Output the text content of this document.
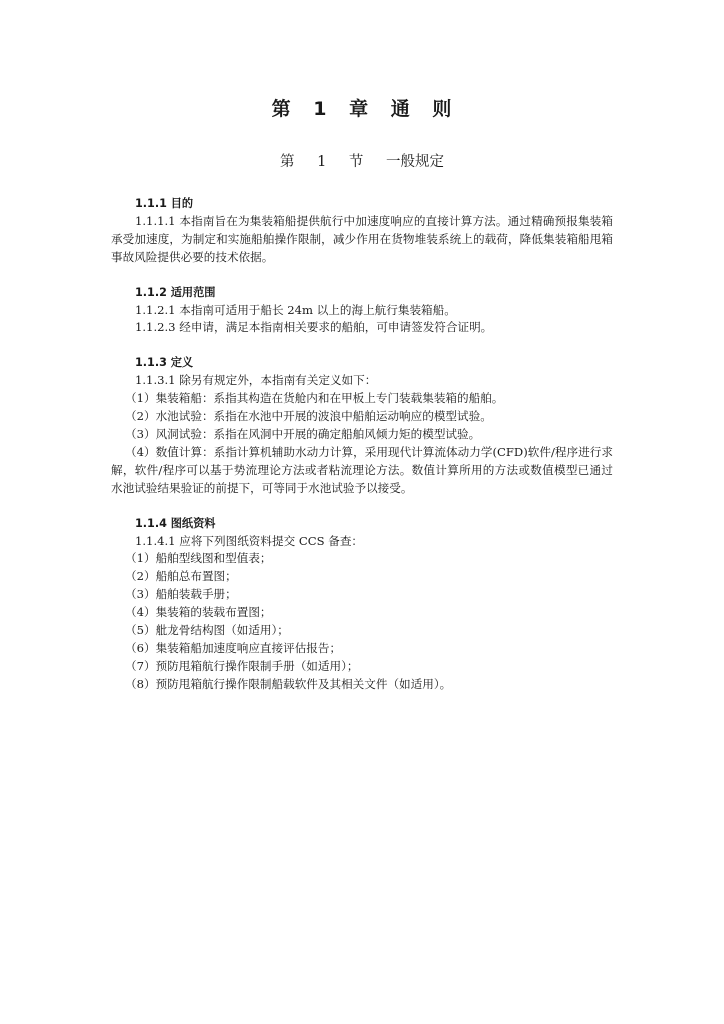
第 1 章 通 则
第 1 节 一般规定

1.1.1 目的

1.1.1.1 本指南旨在为集装箱船提供航行中加速度响应的直接计算方法。通过精确预报集装箱承受加速度，为制定和实施船舶操作限制，减少作用在货物堆装系统上的载荷，降低集装箱船甩箱事故风险提供必要的技术依据。

1.1.2 适用范围

1.1.2.1 本指南可适用于船长 24m 以上的海上航行集装箱船。

1.1.2.3 经申请，满足本指南相关要求的船舶，可申请签发符合证明。

1.1.3 定义

1.1.3.1 除另有规定外，本指南有关定义如下：

（1）集装箱船：系指其构造在货舱内和在甲板上专门装载集装箱的船舶。

（2）水池试验：系指在水池中开展的波浪中船舶运动响应的模型试验。

（3）风洞试验：系指在风洞中开展的确定船舶风倾力矩的模型试验。

（4）数值计算：系指计算机辅助水动力计算，采用现代计算流体动力学(CFD)软件/程序进行求解，软件/程序可以基于势流理论方法或者粘流理论方法。数值计算所用的方法或数值模型已通过水池试验结果验证的前提下，可等同于水池试验予以接受。

1.1.4 图纸资料

1.1.4.1 应将下列图纸资料提交 CCS 备查：

（1）船舶型线图和型值表；

（2）船舶总布置图；

（3）船舶装载手册；

（4）集装箱的装载布置图；

（5）舭龙骨结构图（如适用）；

（6）集装箱船加速度响应直接评估报告；

（7）预防甩箱航行操作限制手册（如适用）；

（8）预防甩箱航行操作限制船载软件及其相关文件（如适用）。
